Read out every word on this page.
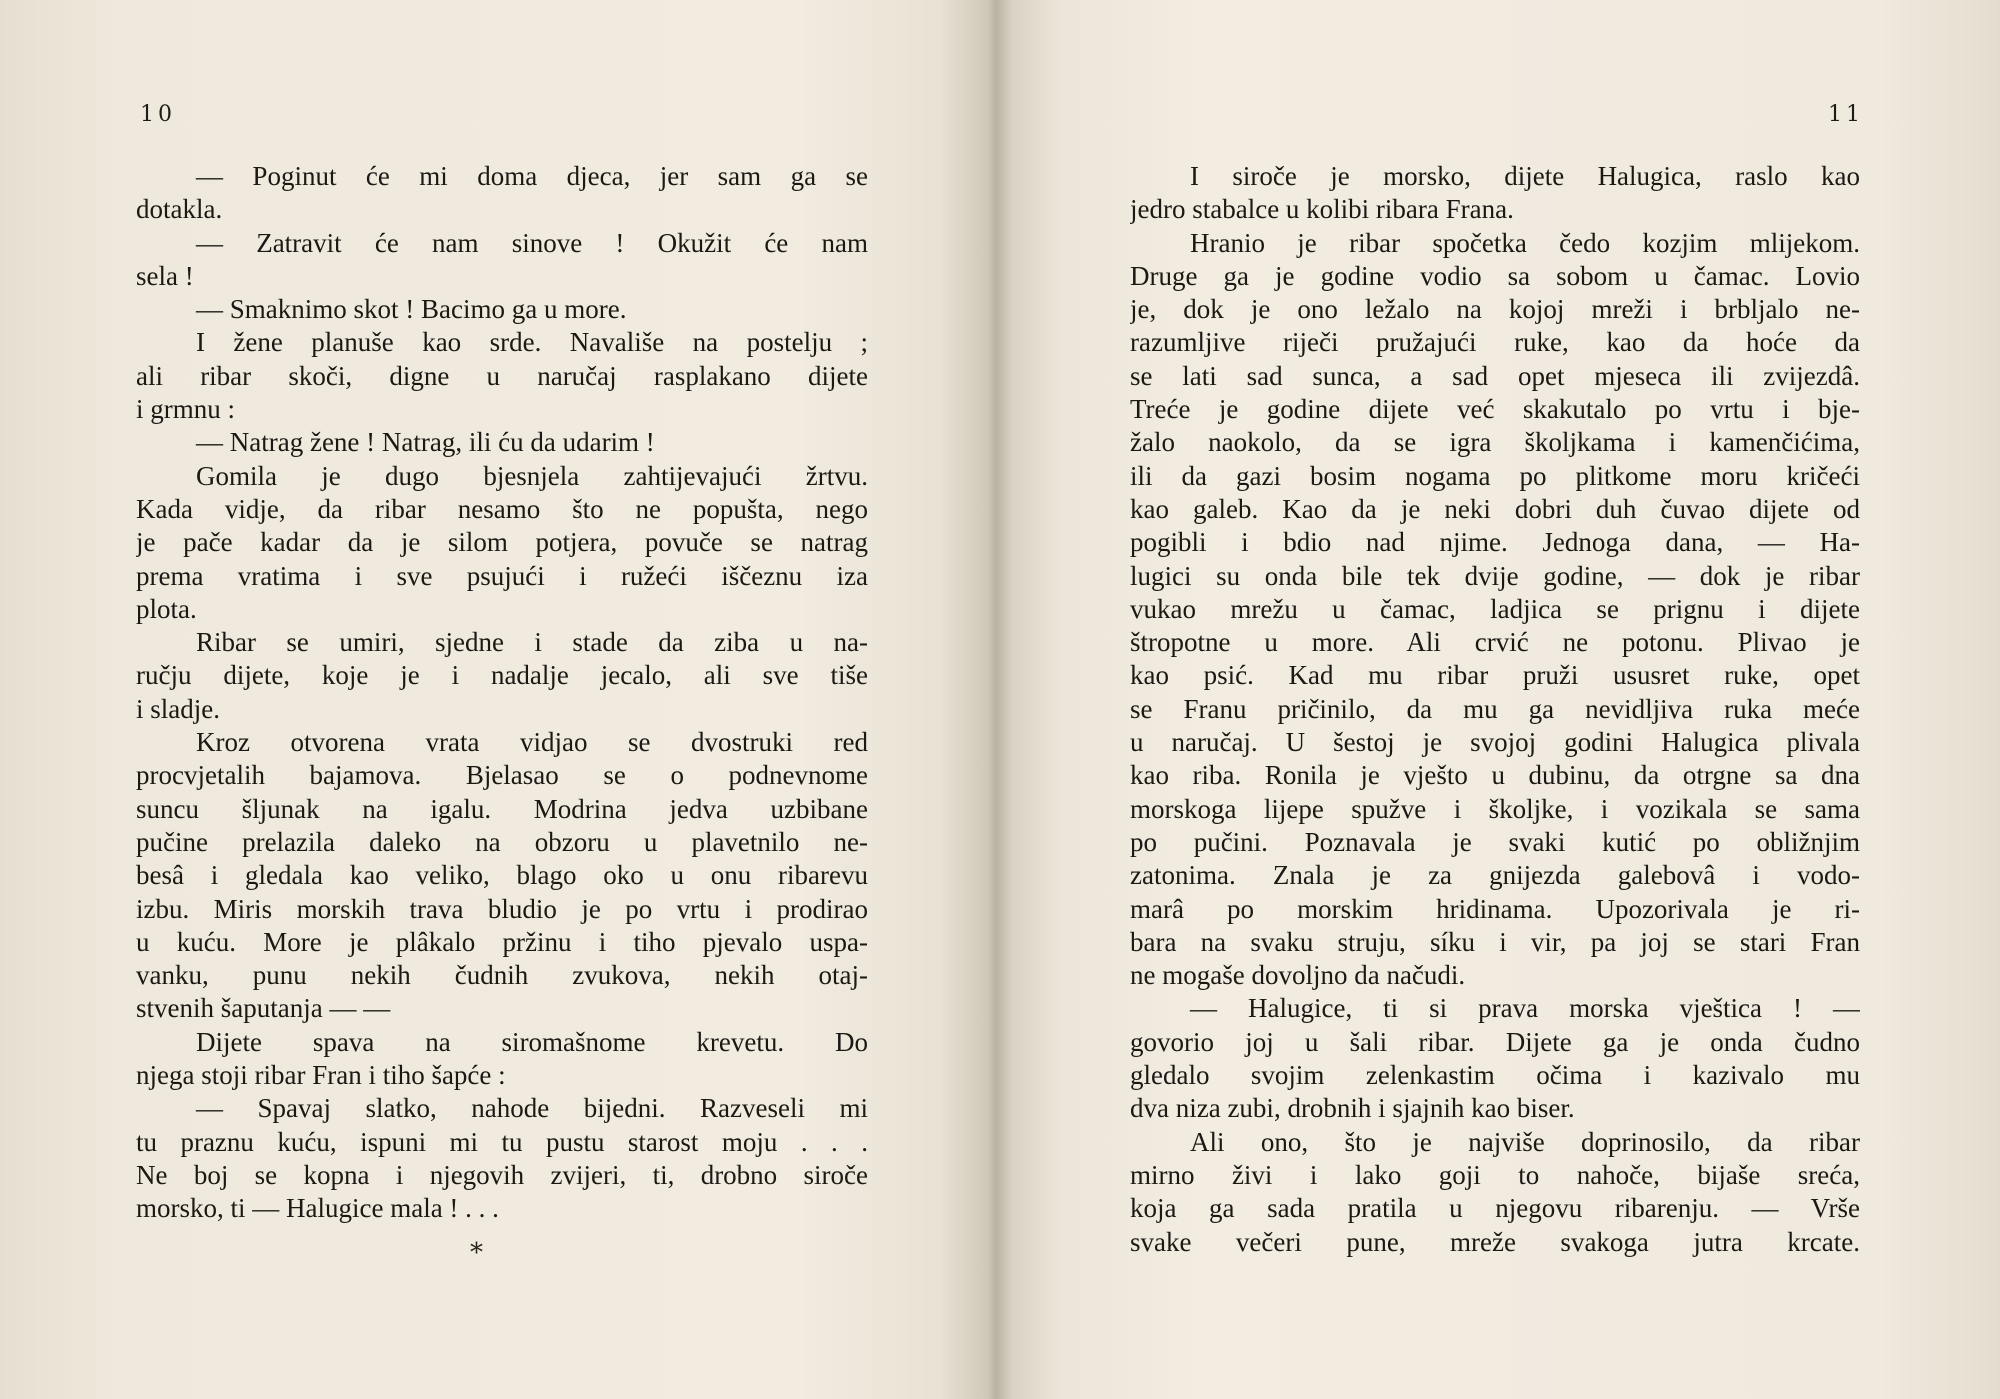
10
— Poginut će mi doma djeca, jer sam ga se
dotakla.
— Zatravit će nam sinove ! Okužit će nam
sela !
— Smaknimo skot ! Bacimo ga u more.
I žene planuše kao srde. Navališe na postelju ;
ali ribar skoči, digne u naručaj rasplakano dijete
i grmnu :
— Natrag žene ! Natrag, ili ću da udarim !
Gomila je dugo bjesnjela zahtijevajući žrtvu.
Kada vidje, da ribar nesamo što ne popušta, nego
je pače kadar da je silom potjera, povuče se natrag
prema vratima i sve psujući i ružeći iščeznu iza
plota.
Ribar se umiri, sjedne i stade da ziba u na-
ručju dijete, koje je i nadalje jecalo, ali sve tiše
i sladje.
Kroz otvorena vrata vidjao se dvostruki red
procvjetalih bajamova. Bjelasao se o podnevnome
suncu šljunak na igalu. Modrina jedva uzbibane
pučine prelazila daleko na obzoru u plavetnilo ne-
besâ i gledala kao veliko, blago oko u onu ribarevu
izbu. Miris morskih trava bludio je po vrtu i prodirao
u kuću. More je plâkalo pržinu i tiho pjevalo uspa-
vanku, punu nekih čudnih zvukova, nekih otaj-
stvenih šaputanja — —
Dijete spava na siromašnome krevetu. Do
njega stoji ribar Fran i tiho šapće :
— Spavaj slatko, nahode bijedni. Razveseli mi
tu praznu kuću, ispuni mi tu pustu starost moju . . .
Ne boj se kopna i njegovih zvijeri, ti, drobno siroče
morsko, ti — Halugice mala ! . . .
*
11
I siroče je morsko, dijete Halugica, raslo kao
jedro stabalce u kolibi ribara Frana.
Hranio je ribar spočetka čedo kozjim mlijekom.
Druge ga je godine vodio sa sobom u čamac. Lovio
je, dok je ono ležalo na kojoj mreži i brbljalo ne-
razumljive riječi pružajući ruke, kao da hoće da
se lati sad sunca, a sad opet mjeseca ili zvijezdâ.
Treće je godine dijete već skakutalo po vrtu i bje-
žalo naokolo, da se igra školjkama i kamenčićima,
ili da gazi bosim nogama po plitkome moru kričeći
kao galeb. Kao da je neki dobri duh čuvao dijete od
pogibli i bdio nad njime. Jednoga dana, — Ha-
lugici su onda bile tek dvije godine, — dok je ribar
vukao mrežu u čamac, ladjica se prignu i dijete
štropotne u more. Ali crvić ne potonu. Plivao je
kao psić. Kad mu ribar pruži ususret ruke, opet
se Franu pričinilo, da mu ga nevidljiva ruka meće
u naručaj. U šestoj je svojoj godini Halugica plivala
kao riba. Ronila je vješto u dubinu, da otrgne sa dna
morskoga lijepe spužve i školjke, i vozikala se sama
po pučini. Poznavala je svaki kutić po obližnjim
zatonima. Znala je za gnijezda galebovâ i vodo-
marâ po morskim hridinama. Upozorivala je ri-
bara na svaku struju, síku i vir, pa joj se stari Fran
ne mogaše dovoljno da načudi.
— Halugice, ti si prava morska vještica ! —
govorio joj u šali ribar. Dijete ga je onda čudno
gledalo svojim zelenkastim očima i kazivalo mu
dva niza zubi, drobnih i sjajnih kao biser.
Ali ono, što je najviše doprinosilo, da ribar
mirno živi i lako goji to nahoče, bijaše sreća,
koja ga sada pratila u njegovu ribarenju. — Vrše
svake večeri pune, mreže svakoga jutra krcate.
